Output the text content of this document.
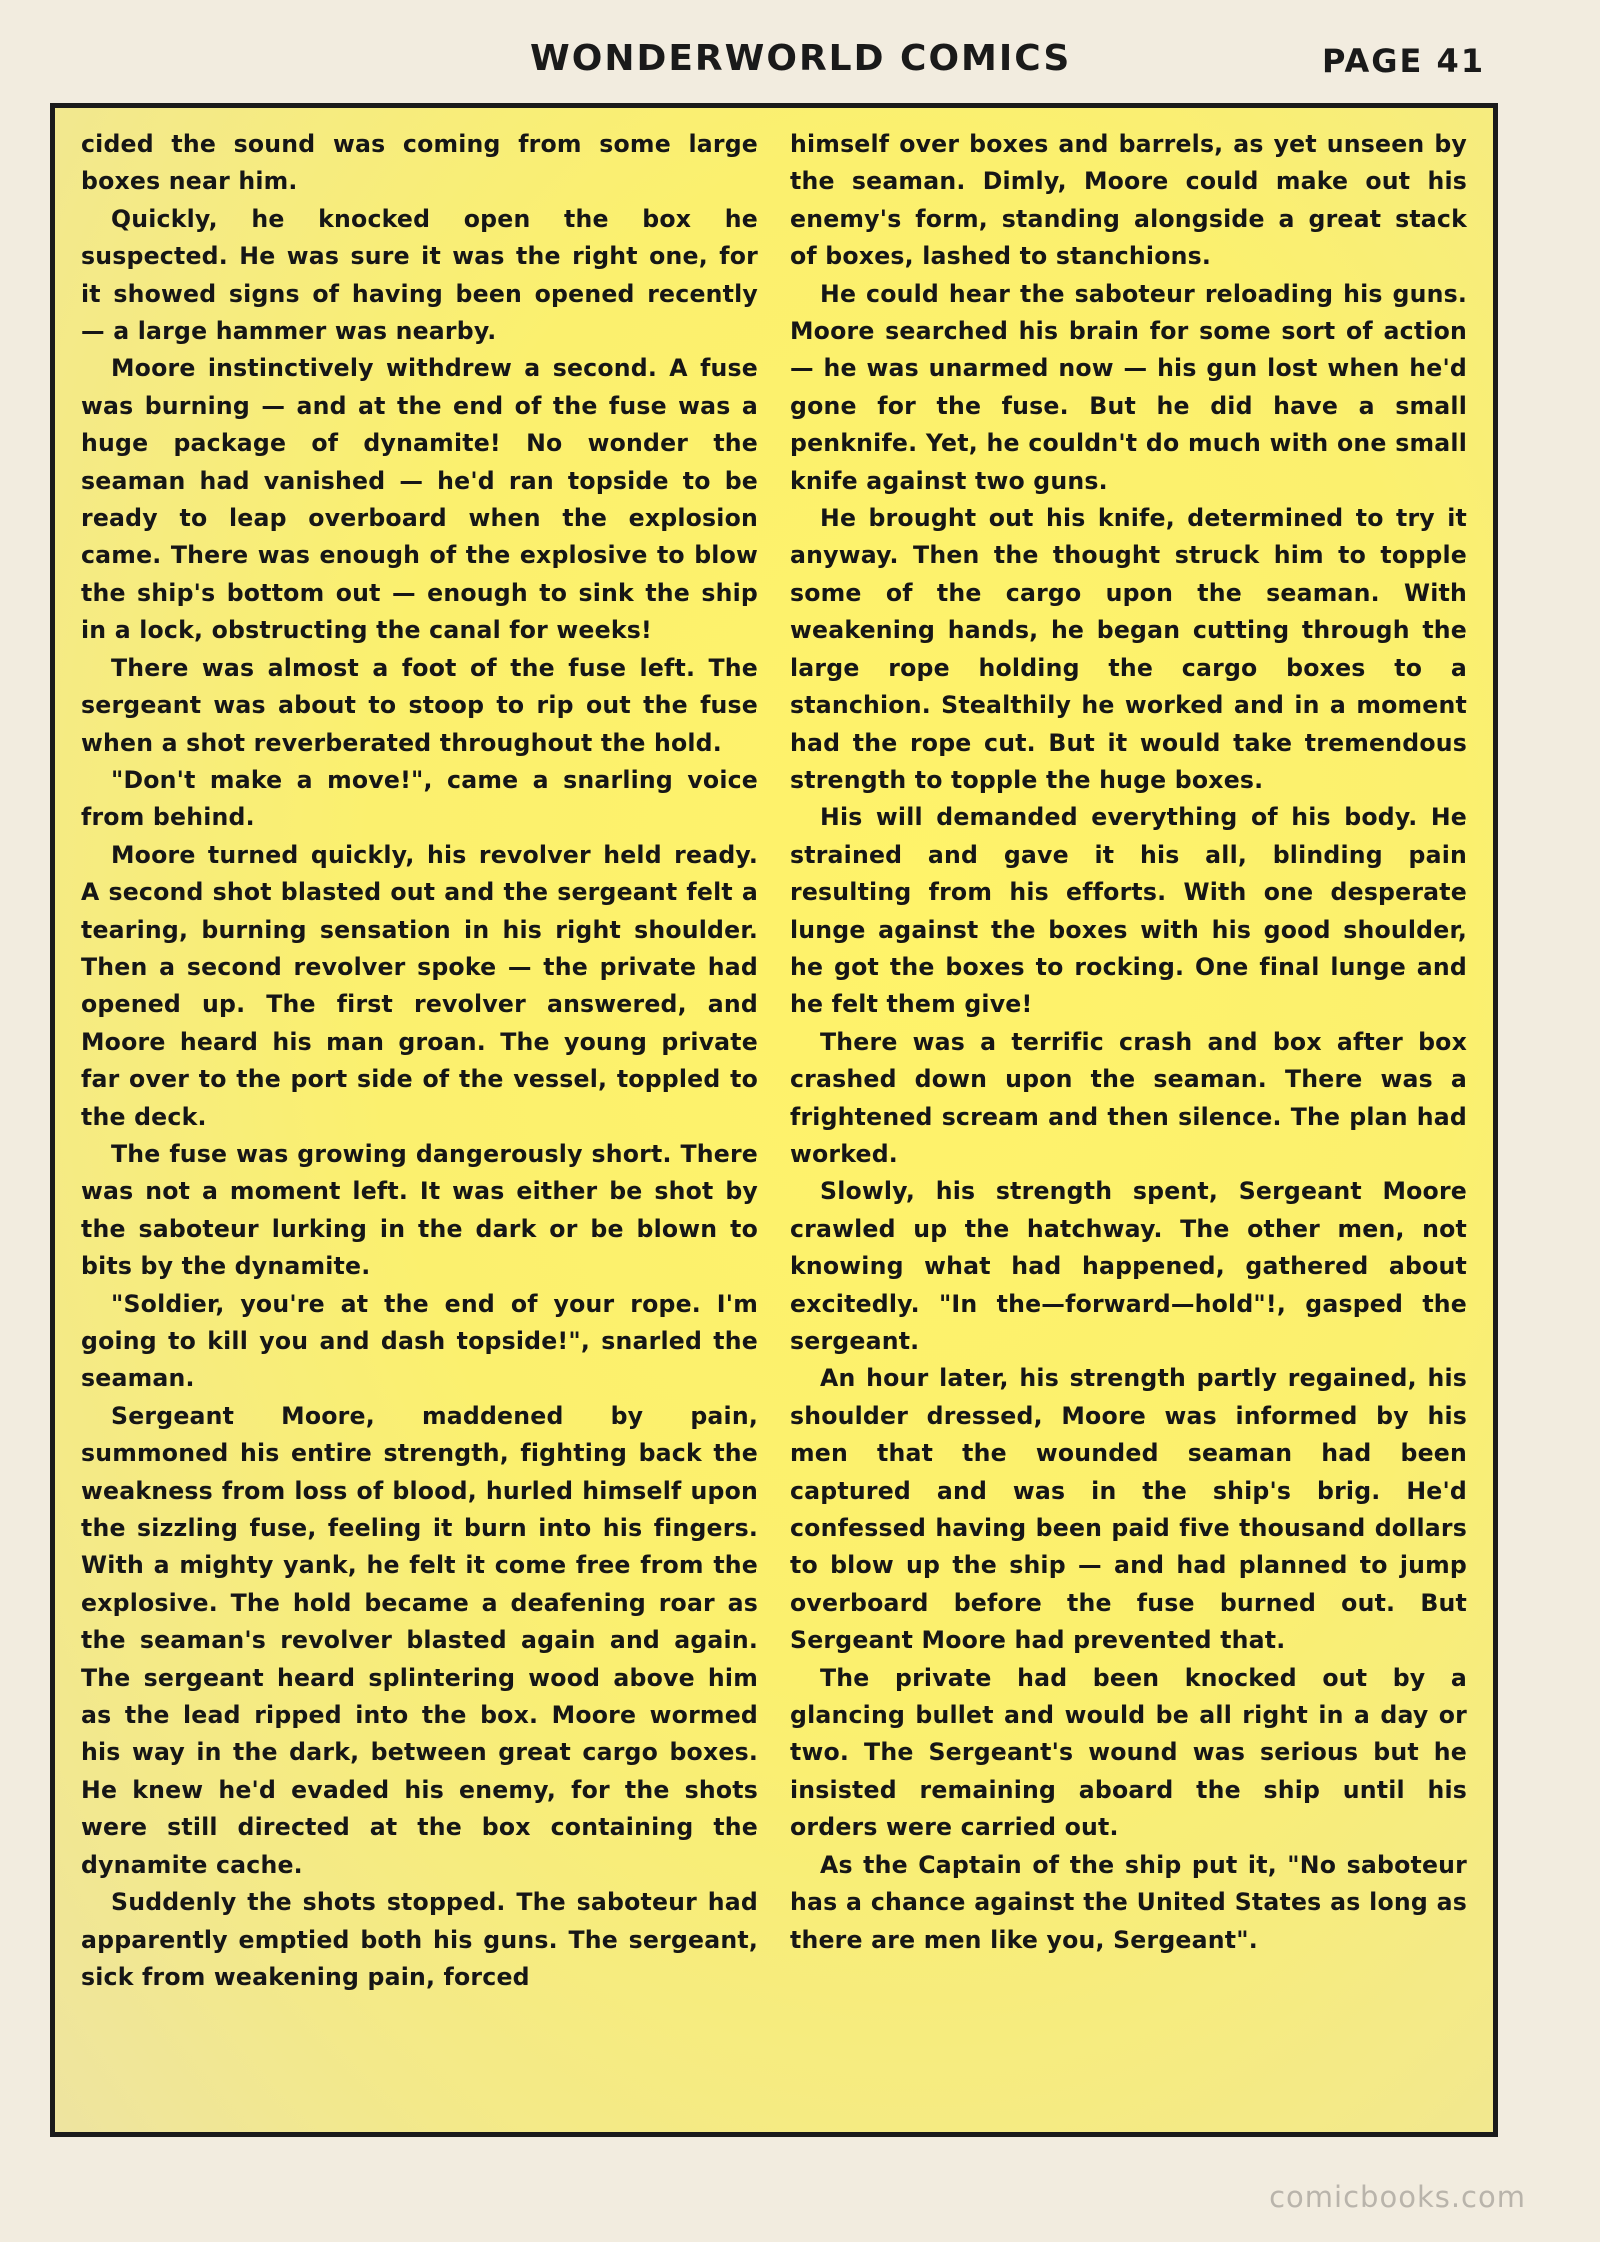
WONDERWORLD COMICS	PAGE 41

cided the sound was coming from some large boxes near him.

Quickly, he knocked open the box he suspected. He was sure it was the right one, for it showed signs of having been opened recently — a large hammer was nearby.

Moore instinctively withdrew a second. A fuse was burning — and at the end of the fuse was a huge package of dynamite! No wonder the seaman had vanished — he'd ran topside to be ready to leap overboard when the explosion came. There was enough of the explosive to blow the ship's bottom out — enough to sink the ship in a lock, obstructing the canal for weeks!

There was almost a foot of the fuse left. The sergeant was about to stoop to rip out the fuse when a shot reverberated throughout the hold.

"Don't make a move!", came a snarling voice from behind.

Moore turned quickly, his revolver held ready. A second shot blasted out and the sergeant felt a tearing, burning sensation in his right shoulder. Then a second revolver spoke — the private had opened up. The first revolver answered, and Moore heard his man groan. The young private far over to the port side of the vessel, toppled to the deck.

The fuse was growing dangerously short. There was not a moment left. It was either be shot by the saboteur lurking in the dark or be blown to bits by the dynamite.

"Soldier, you're at the end of your rope. I'm going to kill you and dash topside!", snarled the seaman.

Sergeant Moore, maddened by pain, summoned his entire strength, fighting back the weakness from loss of blood, hurled himself upon the sizzling fuse, feeling it burn into his fingers. With a mighty yank, he felt it come free from the explosive. The hold became a deafening roar as the seaman's revolver blasted again and again. The sergeant heard splintering wood above him as the lead ripped into the box. Moore wormed his way in the dark, between great cargo boxes. He knew he'd evaded his enemy, for the shots were still directed at the box containing the dynamite cache.

Suddenly the shots stopped. The saboteur had apparently emptied both his guns. The sergeant, sick from weakening pain, forced

himself over boxes and barrels, as yet unseen by the seaman. Dimly, Moore could make out his enemy's form, standing alongside a great stack of boxes, lashed to stanchions.

He could hear the saboteur reloading his guns. Moore searched his brain for some sort of action — he was unarmed now — his gun lost when he'd gone for the fuse. But he did have a small penknife. Yet, he couldn't do much with one small knife against two guns.

He brought out his knife, determined to try it anyway. Then the thought struck him to topple some of the cargo upon the seaman. With weakening hands, he began cutting through the large rope holding the cargo boxes to a stanchion. Stealthily he worked and in a moment had the rope cut. But it would take tremendous strength to topple the huge boxes.

His will demanded everything of his body. He strained and gave it his all, blinding pain resulting from his efforts. With one desperate lunge against the boxes with his good shoulder, he got the boxes to rocking. One final lunge and he felt them give!

There was a terrific crash and box after box crashed down upon the seaman. There was a frightened scream and then silence. The plan had worked.

Slowly, his strength spent, Sergeant Moore crawled up the hatchway. The other men, not knowing what had happened, gathered about excitedly. "In the—forward—hold"!, gasped the sergeant.

An hour later, his strength partly regained, his shoulder dressed, Moore was informed by his men that the wounded seaman had been captured and was in the ship's brig. He'd confessed having been paid five thousand dollars to blow up the ship — and had planned to jump overboard before the fuse burned out. But Sergeant Moore had prevented that.

The private had been knocked out by a glancing bullet and would be all right in a day or two. The Sergeant's wound was serious but he insisted remaining aboard the ship until his orders were carried out.

As the Captain of the ship put it, "No saboteur has a chance against the United States as long as there are men like you, Sergeant".

comicbooks.com
